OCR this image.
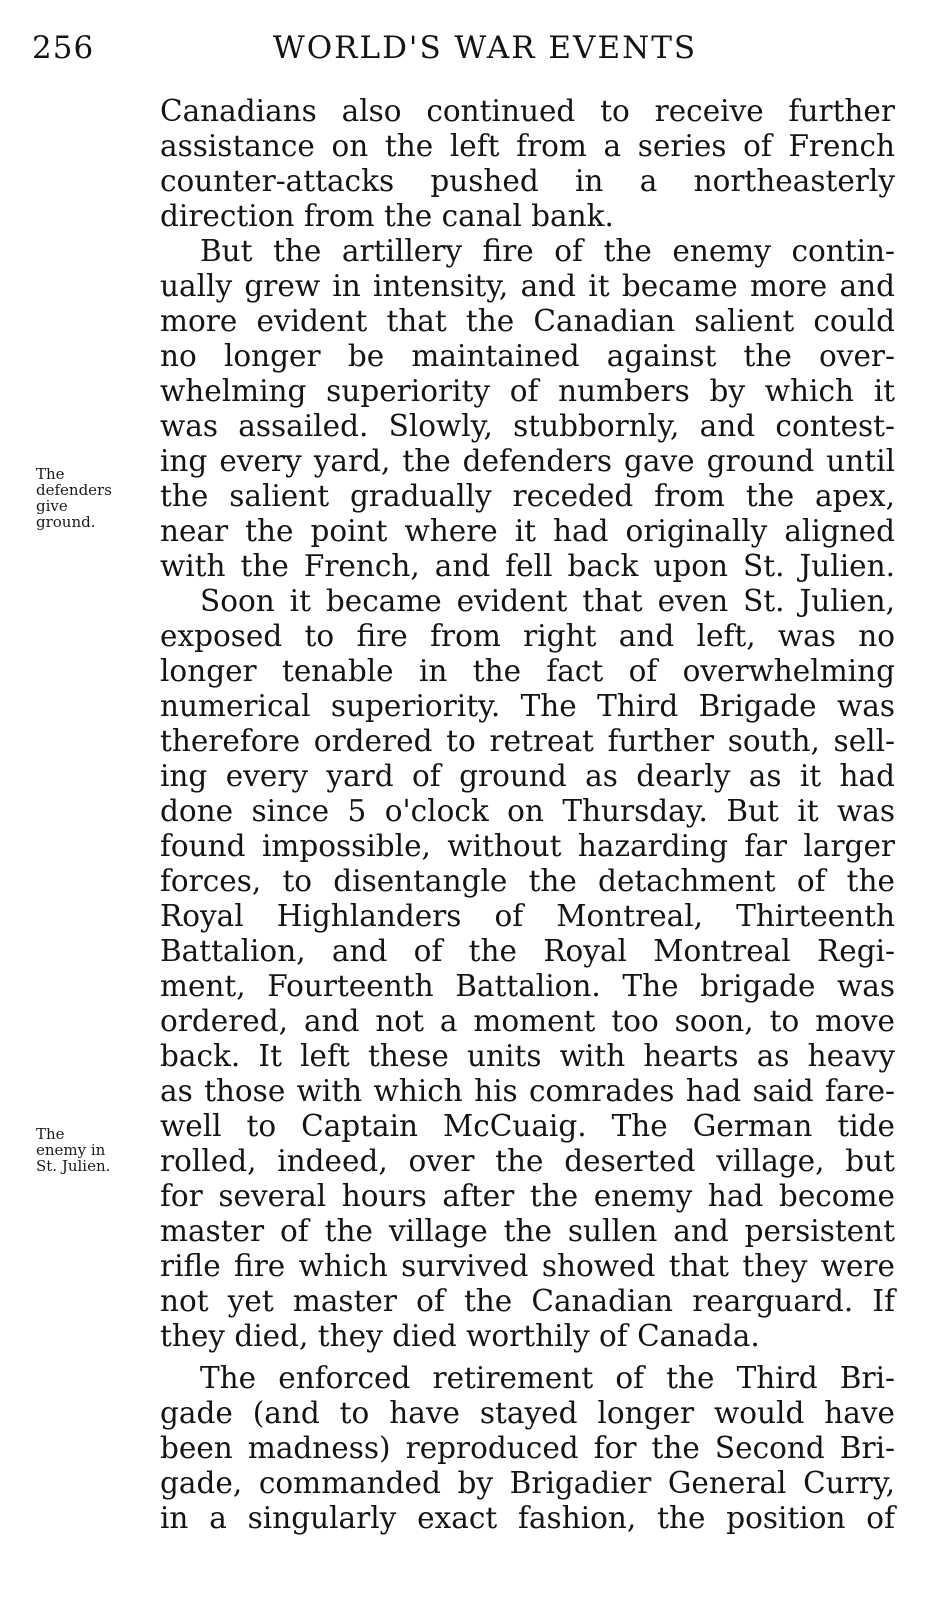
256	WORLD'S WAR EVENTS
The
defenders
give
ground.
The
enemy in
St. Julien.
Canadians also continued to receive further
assistance on the left from a series of French
counter-attacks pushed in a northeasterly
direction from the canal bank.
But the artillery fire of the enemy contin-
ually grew in intensity, and it became more and
more evident that the Canadian salient could
no longer be maintained against the over-
whelming superiority of numbers by which it
was assailed. Slowly, stubbornly, and contest-
ing every yard, the defenders gave ground until
the salient gradually receded from the apex,
near the point where it had originally aligned
with the French, and fell back upon St. Julien.
Soon it became evident that even St. Julien,
exposed to fire from right and left, was no
longer tenable in the fact of overwhelming
numerical superiority. The Third Brigade was
therefore ordered to retreat further south, sell-
ing every yard of ground as dearly as it had
done since 5 o'clock on Thursday. But it was
found impossible, without hazarding far larger
forces, to disentangle the detachment of the
Royal Highlanders of Montreal, Thirteenth
Battalion, and of the Royal Montreal Regi-
ment, Fourteenth Battalion. The brigade was
ordered, and not a moment too soon, to move
back. It left these units with hearts as heavy
as those with which his comrades had said fare-
well to Captain McCuaig. The German tide
rolled, indeed, over the deserted village, but
for several hours after the enemy had become
master of the village the sullen and persistent
rifle fire which survived showed that they were
not yet master of the Canadian rearguard. If
they died, they died worthily of Canada.
The enforced retirement of the Third Bri-
gade (and to have stayed longer would have
been madness) reproduced for the Second Bri-
gade, commanded by Brigadier General Curry,
in a singularly exact fashion, the position of
